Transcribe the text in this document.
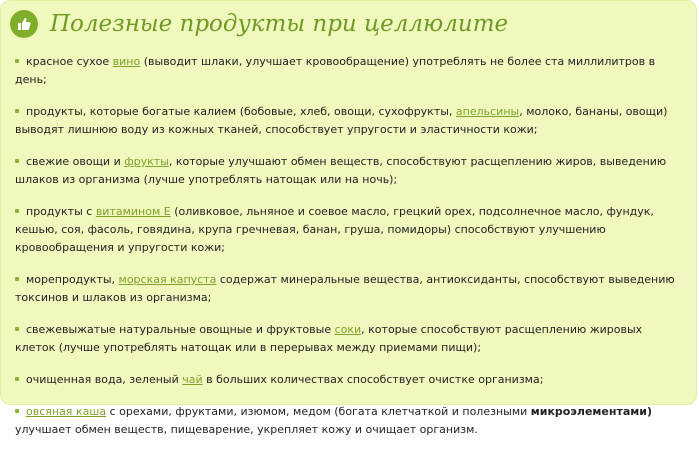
Полезные продукты при целлюлите
красное сухое вино (выводит шлаки, улучшает кровообращение) употреблять не более ста миллилитров в день;
продукты, которые богатые калием (бобовые, хлеб, овощи, сухофрукты, апельсины, молоко, бананы, овощи) выводят лишнюю воду из кожных тканей, способствует упругости и эластичности кожи;
свежие овощи и фрукты, которые улучшают обмен веществ, способствуют расщеплению жиров, выведению шлаков из организма (лучше употреблять натощак или на ночь);
продукты с витамином Е (оливковое, льняное и соевое масло, грецкий орех, подсолнечное масло, фундук, кешью, соя, фасоль, говядина, крупа гречневая, банан, груша, помидоры) способствуют улучшению кровообращения и упругости кожи;
морепродукты, морская капуста содержат минеральные вещества, антиоксиданты, способствуют выведению токсинов и шлаков из организма;
свежевыжатые натуральные овощные и фруктовые соки, которые способствуют расщеплению жировых клеток (лучше употреблять натощак или в перерывах между приемами пищи);
очищенная вода, зеленый чай в больших количествах способствует очистке организма;
овсяная каша с орехами, фруктами, изюмом, медом (богата клетчаткой и полезными микроэлементами) улучшает обмен веществ, пищеварение, укрепляет кожу и очищает организм.
